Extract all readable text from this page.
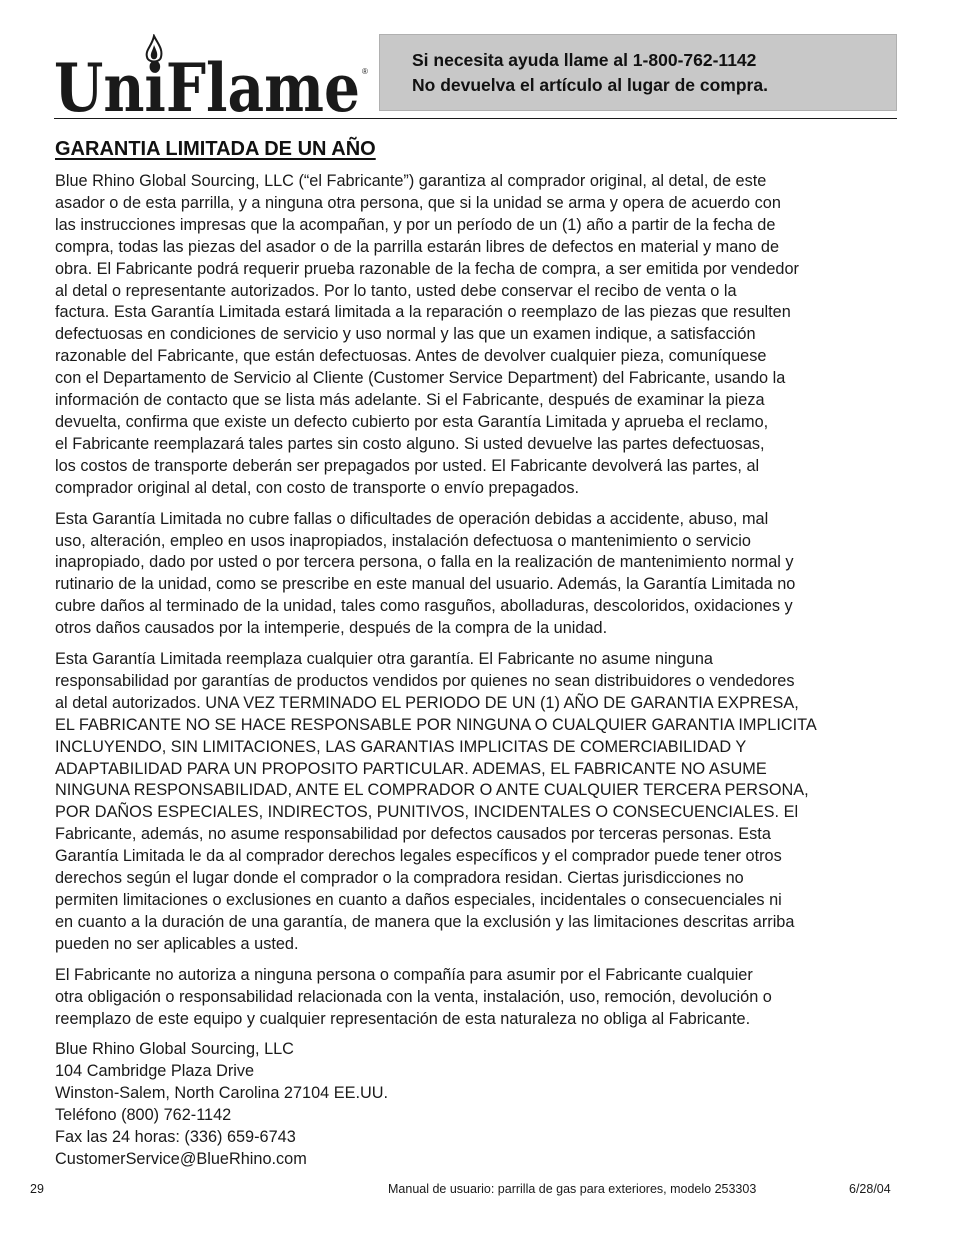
UniFlame ®
Si necesita ayuda llame al 1-800-762-1142
No devuelva el artículo al lugar de compra.
GARANTIA LIMITADA DE UN AÑO

Blue Rhino Global Sourcing, LLC (“el Fabricante”) garantiza al comprador original, al detal, de este
asador o de esta parrilla, y a ninguna otra persona, que si la unidad se arma y opera de acuerdo con
las instrucciones impresas que la acompañan, y por un período de un (1) año a partir de la fecha de
compra, todas las piezas del asador o de la parrilla estarán libres de defectos en material y mano de
obra. El Fabricante podrá requerir prueba razonable de la fecha de compra, a ser emitida por vendedor
al detal o representante autorizados. Por lo tanto, usted debe conservar el recibo de venta o la
factura. Esta Garantía Limitada estará limitada a la reparación o reemplazo de las piezas que resulten
defectuosas en condiciones de servicio y uso normal y las que un examen indique, a satisfacción
razonable del Fabricante, que están defectuosas. Antes de devolver cualquier pieza, comuníquese
con el Departamento de Servicio al Cliente (Customer Service Department) del Fabricante, usando la
información de contacto que se lista más adelante. Si el Fabricante, después de examinar la pieza
devuelta, confirma que existe un defecto cubierto por esta Garantía Limitada y aprueba el reclamo,
el Fabricante reemplazará tales partes sin costo alguno. Si usted devuelve las partes defectuosas,
los costos de transporte deberán ser prepagados por usted. El Fabricante devolverá las partes, al
comprador original al detal, con costo de transporte o envío prepagados.

Esta Garantía Limitada no cubre fallas o dificultades de operación debidas a accidente, abuso, mal
uso, alteración, empleo en usos inapropiados, instalación defectuosa o mantenimiento o servicio
inapropiado, dado por usted o por tercera persona, o falla en la realización de mantenimiento normal y
rutinario de la unidad, como se prescribe en este manual del usuario. Además, la Garantía Limitada no
cubre daños al terminado de la unidad, tales como rasguños, abolladuras, descoloridos, oxidaciones y
otros daños causados por la intemperie, después de la compra de la unidad.

Esta Garantía Limitada reemplaza cualquier otra garantía. El Fabricante no asume ninguna
responsabilidad por garantías de productos vendidos por quienes no sean distribuidores o vendedores
al detal autorizados. UNA VEZ TERMINADO EL PERIODO DE UN (1) AÑO DE GARANTIA EXPRESA,
EL FABRICANTE NO SE HACE RESPONSABLE POR NINGUNA O CUALQUIER GARANTIA IMPLICITA
INCLUYENDO, SIN LIMITACIONES, LAS GARANTIAS IMPLICITAS DE COMERCIABILIDAD Y
ADAPTABILIDAD PARA UN PROPOSITO PARTICULAR. ADEMAS, EL FABRICANTE NO ASUME
NINGUNA RESPONSABILIDAD, ANTE EL COMPRADOR O ANTE CUALQUIER TERCERA PERSONA,
POR DAÑOS ESPECIALES, INDIRECTOS, PUNITIVOS, INCIDENTALES O CONSECUENCIALES. El
Fabricante, además, no asume responsabilidad por defectos causados por terceras personas. Esta
Garantía Limitada le da al comprador derechos legales específicos y el comprador puede tener otros
derechos según el lugar donde el comprador o la compradora residan. Ciertas jurisdicciones no
permiten limitaciones o exclusiones en cuanto a daños especiales, incidentales o consecuenciales ni
en cuanto a la duración de una garantía, de manera que la exclusión y las limitaciones descritas arriba
pueden no ser aplicables a usted.

El Fabricante no autoriza a ninguna persona o compañía para asumir por el Fabricante cualquier
otra obligación o responsabilidad relacionada con la venta, instalación, uso, remoción, devolución o
reemplazo de este equipo y cualquier representación de esta naturaleza no obliga al Fabricante.

Blue Rhino Global Sourcing, LLC
104 Cambridge Plaza Drive
Winston-Salem, North Carolina 27104 EE.UU.
Teléfono (800) 762-1142
Fax las 24 horas: (336) 659-6743
CustomerService@BlueRhino.com
29	Manual de usuario: parrilla de gas para exteriores, modelo 253303	6/28/04
